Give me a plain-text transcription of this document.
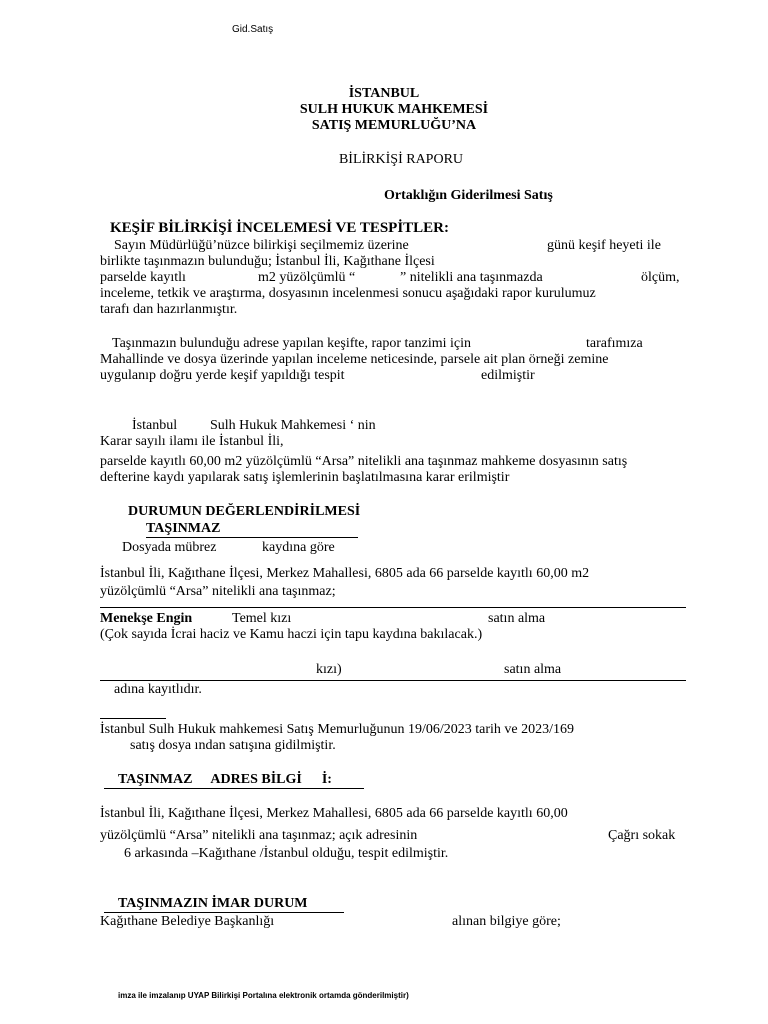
Gid.Satış
İSTANBUL
SULH HUKUK MAHKEMESİ
SATIŞ MEMURLUĞU’NA
BİLİRKİŞİ RAPORU
Ortaklığın Giderilmesi Satış
KEŞİF BİLİRKİŞİ İNCELEMESİ VE TESPİTLER:
Sayın Müdürlüğü’nüzce bilirkişi seçilmemiz üzerine	günü keşif heyeti ile
birlikte taşınmazın bulunduğu; İstanbul İli, Kağıthane İlçesi
parselde kayıtlı	m2 yüzölçümlü “	” nitelikli ana taşınmazda	ölçüm,
inceleme, tetkik ve araştırma, dosyasının incelenmesi sonucu aşağıdaki rapor kurulumuz
tarafı dan hazırlanmıştır.
Taşınmazın bulunduğu adrese yapılan keşifte, rapor tanzimi için	tarafımıza
Mahallinde ve dosya üzerinde yapılan inceleme neticesinde, parsele ait plan örneği zemine
uygulanıp doğru yerde keşif yapıldığı tespit	edilmiştir
İstanbul Sulh Hukuk Mahkemesi ‘ nin
Karar sayılı ilamı ile İstanbul İli,
parselde kayıtlı 60,00 m2 yüzölçümlü “Arsa” nitelikli ana taşınmaz mahkeme dosyasının satış
defterine kaydı yapılarak satış işlemlerinin başlatılmasına karar erilmiştir
DURUMUN DEĞERLENDİRİLMESİ
TAŞINMAZ
Dosyada mübrez	kaydına göre
İstanbul İli, Kağıthane İlçesi, Merkez Mahallesi, 6805 ada 66 parselde kayıtlı 60,00 m2
yüzölçümlü “Arsa” nitelikli ana taşınmaz;
Menekşe Engin	Temel kızı	satın alma
(Çok sayıda İcrai haciz ve Kamu haczi için tapu kaydına bakılacak.)
kızı)	satın alma
adına kayıtlıdır.
İstanbul Sulh Hukuk mahkemesi Satış Memurluğunun 19/06/2023 tarih ve 2023/169
satış dosya ından satışına gidilmiştir.
TAŞINMAZ ADRES BİLGİ İ:
İstanbul İli, Kağıthane İlçesi, Merkez Mahallesi, 6805 ada 66 parselde kayıtlı 60,00
yüzölçümlü “Arsa” nitelikli ana taşınmaz; açık adresinin	Çağrı sokak
6 arkasında –Kağıthane /İstanbul olduğu, tespit edilmiştir.
TAŞINMAZIN İMAR DURUM
Kağıthane Belediye Başkanlığı	alınan bilgiye göre;
imza ile imzalanıp UYAP Bilirkişi Portalına elektronik ortamda gönderilmiştir)
